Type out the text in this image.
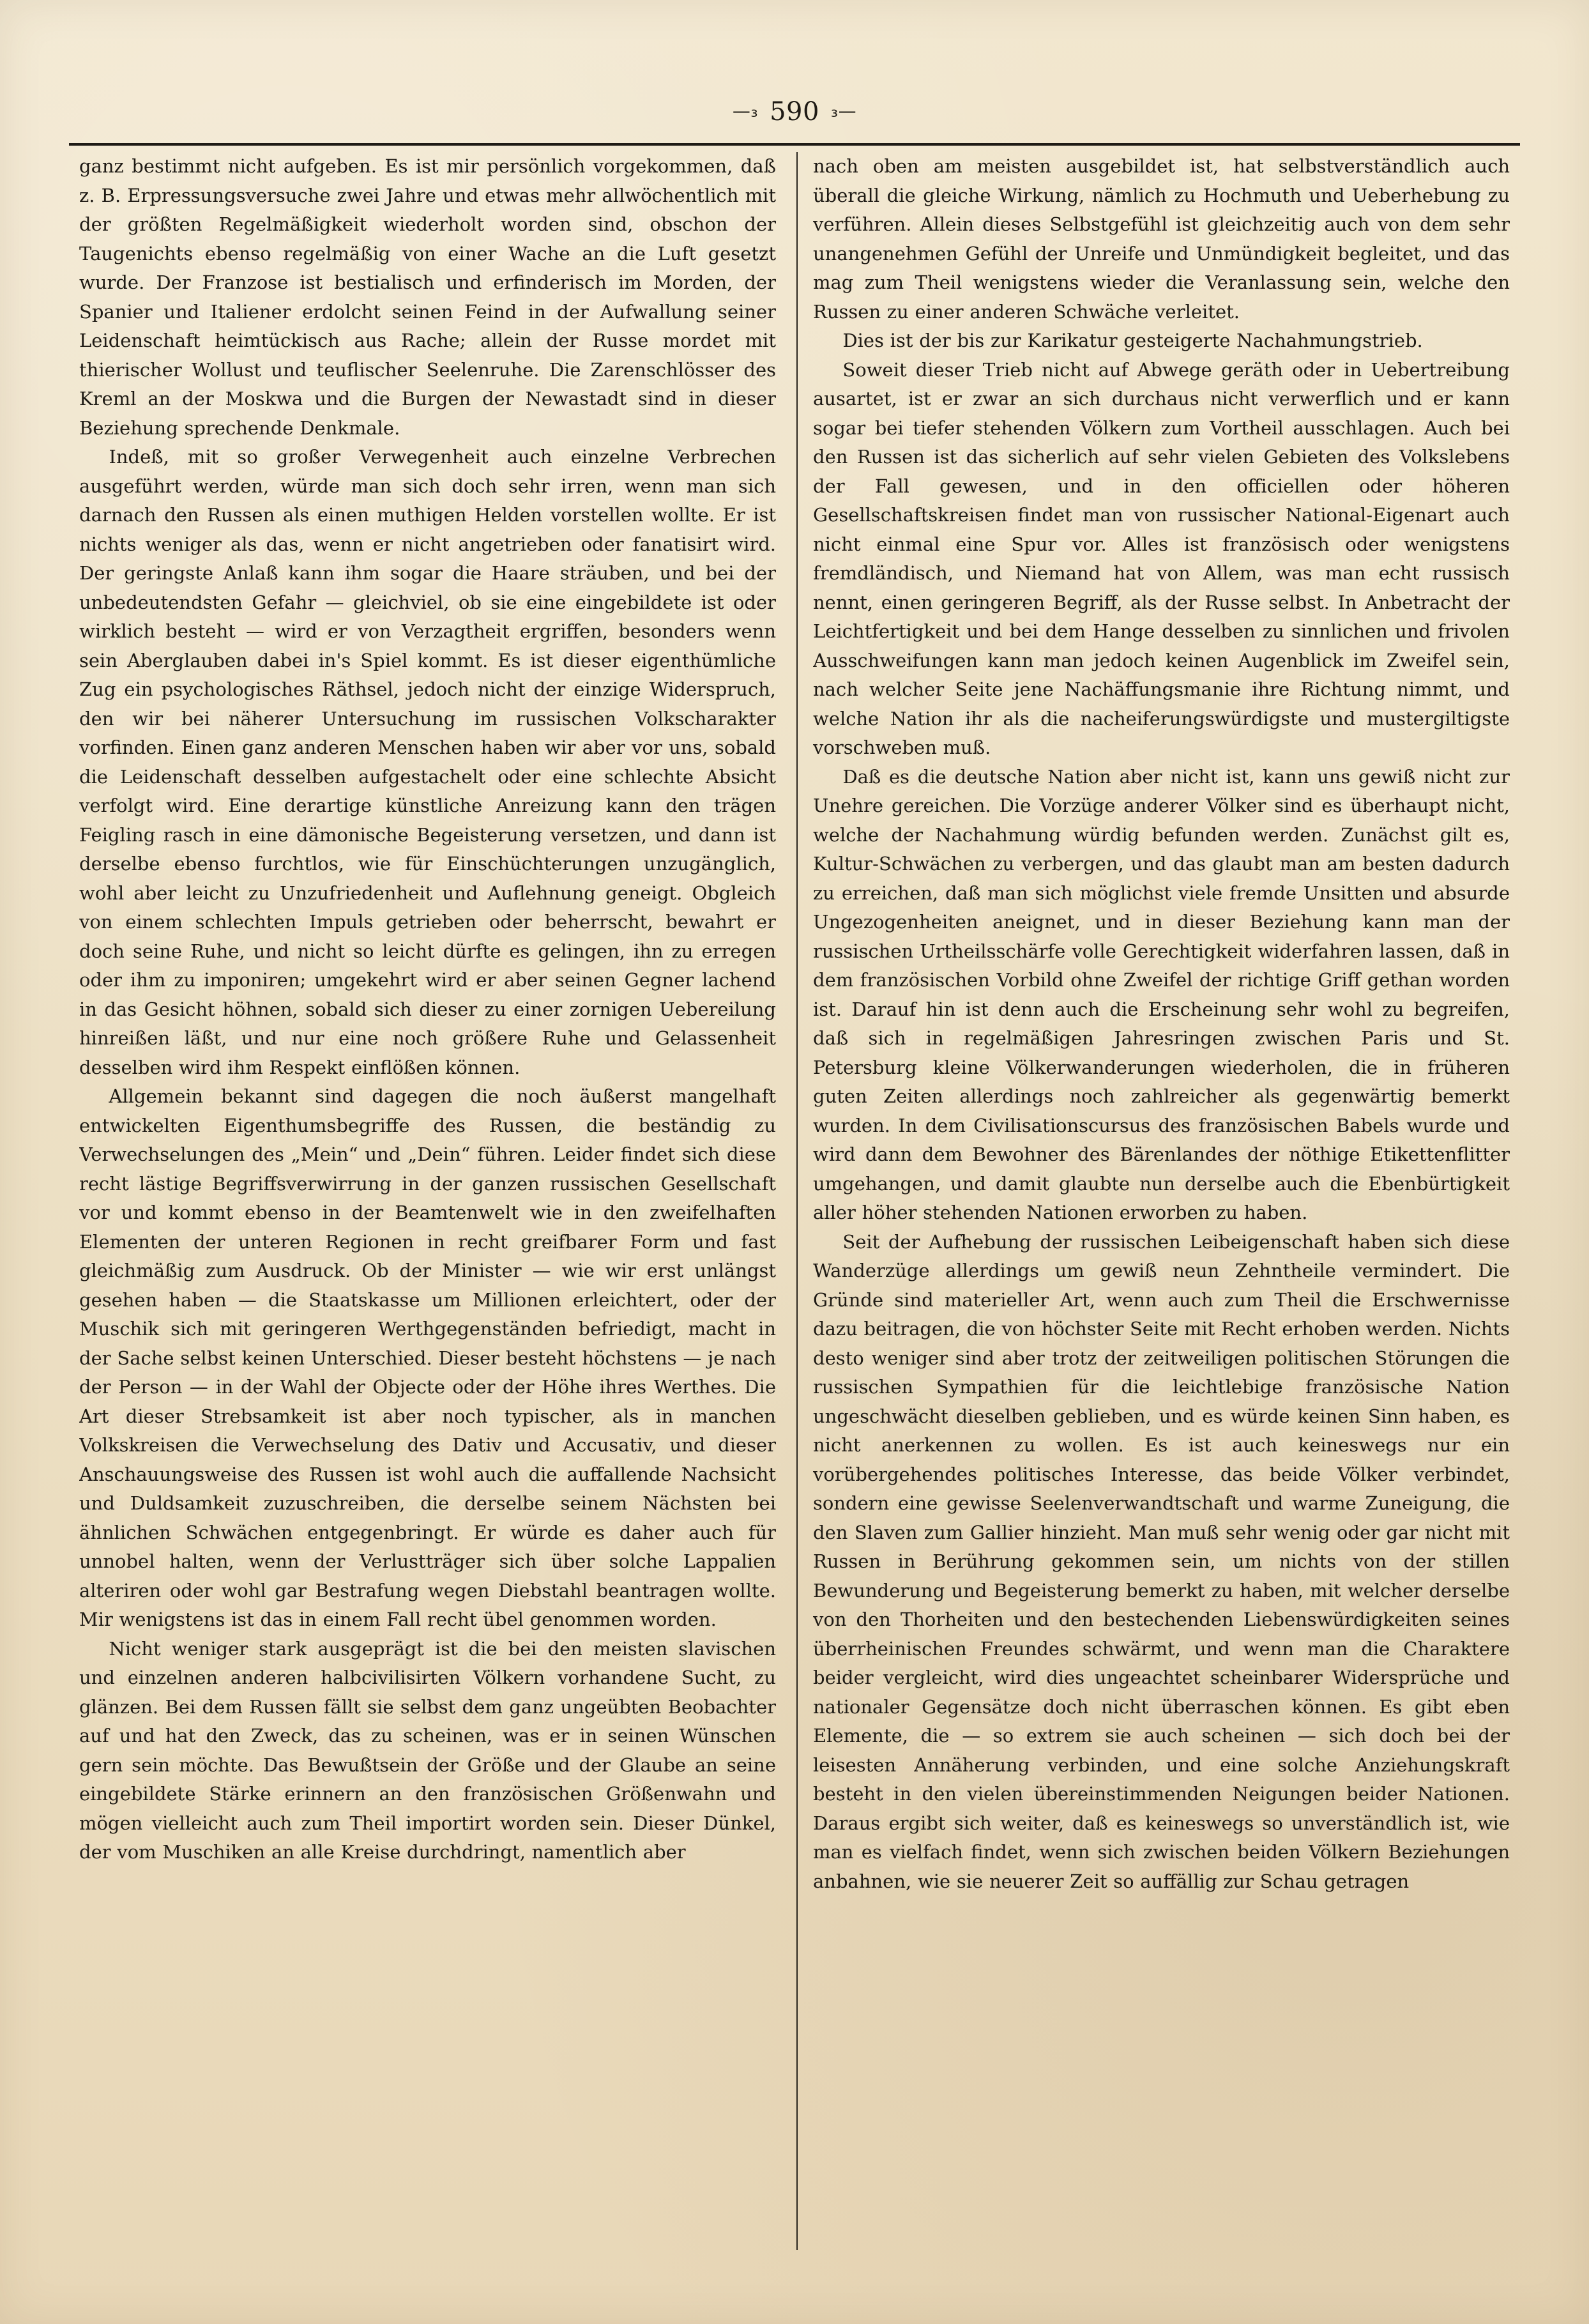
—₃ 590 ₃—

ganz bestimmt nicht aufgeben. Es ist mir persönlich vorgekommen, daß z. B. Erpressungsversuche zwei Jahre und etwas mehr allwöchentlich mit der größten Regelmäßigkeit wiederholt worden sind, obschon der Taugenichts ebenso regelmäßig von einer Wache an die Luft gesetzt wurde. Der Franzose ist bestialisch und erfinderisch im Morden, der Spanier und Italiener erdolcht seinen Feind in der Aufwallung seiner Leidenschaft heimtückisch aus Rache; allein der Russe mordet mit thierischer Wollust und teuflischer Seelenruhe. Die Zarenschlösser des Kreml an der Moskwa und die Burgen der Newastadt sind in dieser Beziehung sprechende Denkmale.

Indeß, mit so großer Verwegenheit auch einzelne Verbrechen ausgeführt werden, würde man sich doch sehr irren, wenn man sich darnach den Russen als einen muthigen Helden vorstellen wollte. Er ist nichts weniger als das, wenn er nicht angetrieben oder fanatisirt wird. Der geringste Anlaß kann ihm sogar die Haare sträuben, und bei der unbedeutendsten Gefahr — gleichviel, ob sie eine eingebildete ist oder wirklich besteht — wird er von Verzagtheit ergriffen, besonders wenn sein Aberglauben dabei in's Spiel kommt. Es ist dieser eigenthümliche Zug ein psychologisches Räthsel, jedoch nicht der einzige Widerspruch, den wir bei näherer Untersuchung im russischen Volkscharakter vorfinden. Einen ganz anderen Menschen haben wir aber vor uns, sobald die Leidenschaft desselben aufgestachelt oder eine schlechte Absicht verfolgt wird. Eine derartige künstliche Anreizung kann den trägen Feigling rasch in eine dämonische Begeisterung versetzen, und dann ist derselbe ebenso furchtlos, wie für Einschüchterungen unzugänglich, wohl aber leicht zu Unzufriedenheit und Auflehnung geneigt. Obgleich von einem schlechten Impuls getrieben oder beherrscht, bewahrt er doch seine Ruhe, und nicht so leicht dürfte es gelingen, ihn zu erregen oder ihm zu imponiren; umgekehrt wird er aber seinen Gegner lachend in das Gesicht höhnen, sobald sich dieser zu einer zornigen Uebereilung hinreißen läßt, und nur eine noch größere Ruhe und Gelassenheit desselben wird ihm Respekt einflößen können.

Allgemein bekannt sind dagegen die noch äußerst mangelhaft entwickelten Eigenthumsbegriffe des Russen, die beständig zu Verwechselungen des „Mein“ und „Dein“ führen. Leider findet sich diese recht lästige Begriffsverwirrung in der ganzen russischen Gesellschaft vor und kommt ebenso in der Beamtenwelt wie in den zweifelhaften Elementen der unteren Regionen in recht greifbarer Form und fast gleichmäßig zum Ausdruck. Ob der Minister — wie wir erst unlängst gesehen haben — die Staatskasse um Millionen erleichtert, oder der Muschik sich mit geringeren Werthgegenständen befriedigt, macht in der Sache selbst keinen Unterschied. Dieser besteht höchstens — je nach der Person — in der Wahl der Objecte oder der Höhe ihres Werthes. Die Art dieser Strebsamkeit ist aber noch typischer, als in manchen Volkskreisen die Verwechselung des Dativ und Accusativ, und dieser Anschauungsweise des Russen ist wohl auch die auffallende Nachsicht und Duldsamkeit zuzuschreiben, die derselbe seinem Nächsten bei ähnlichen Schwächen entgegenbringt. Er würde es daher auch für unnobel halten, wenn der Verlustträger sich über solche Lappalien alteriren oder wohl gar Bestrafung wegen Diebstahl beantragen wollte. Mir wenigstens ist das in einem Fall recht übel genommen worden.

Nicht weniger stark ausgeprägt ist die bei den meisten slavischen und einzelnen anderen halbcivilisirten Völkern vorhandene Sucht, zu glänzen. Bei dem Russen fällt sie selbst dem ganz ungeübten Beobachter auf und hat den Zweck, das zu scheinen, was er in seinen Wünschen gern sein möchte. Das Bewußtsein der Größe und der Glaube an seine eingebildete Stärke erinnern an den französischen Größenwahn und mögen vielleicht auch zum Theil importirt worden sein. Dieser Dünkel, der vom Muschiken an alle Kreise durchdringt, namentlich aber

nach oben am meisten ausgebildet ist, hat selbstverständlich auch überall die gleiche Wirkung, nämlich zu Hochmuth und Ueberhebung zu verführen. Allein dieses Selbstgefühl ist gleichzeitig auch von dem sehr unangenehmen Gefühl der Unreife und Unmündigkeit begleitet, und das mag zum Theil wenigstens wieder die Veranlassung sein, welche den Russen zu einer anderen Schwäche verleitet.

Dies ist der bis zur Karikatur gesteigerte Nachahmungstrieb.

Soweit dieser Trieb nicht auf Abwege geräth oder in Uebertreibung ausartet, ist er zwar an sich durchaus nicht verwerflich und er kann sogar bei tiefer stehenden Völkern zum Vortheil ausschlagen. Auch bei den Russen ist das sicherlich auf sehr vielen Gebieten des Volkslebens der Fall gewesen, und in den officiellen oder höheren Gesellschaftskreisen findet man von russischer National-Eigenart auch nicht einmal eine Spur vor. Alles ist französisch oder wenigstens fremdländisch, und Niemand hat von Allem, was man echt russisch nennt, einen geringeren Begriff, als der Russe selbst. In Anbetracht der Leichtfertigkeit und bei dem Hange desselben zu sinnlichen und frivolen Ausschweifungen kann man jedoch keinen Augenblick im Zweifel sein, nach welcher Seite jene Nachäffungsmanie ihre Richtung nimmt, und welche Nation ihr als die nacheiferungswürdigste und mustergiltigste vorschweben muß.

Daß es die deutsche Nation aber nicht ist, kann uns gewiß nicht zur Unehre gereichen. Die Vorzüge anderer Völker sind es überhaupt nicht, welche der Nachahmung würdig befunden werden. Zunächst gilt es, Kultur-Schwächen zu verbergen, und das glaubt man am besten dadurch zu erreichen, daß man sich möglichst viele fremde Unsitten und absurde Ungezogenheiten aneignet, und in dieser Beziehung kann man der russischen Urtheilsschärfe volle Gerechtigkeit widerfahren lassen, daß in dem französischen Vorbild ohne Zweifel der richtige Griff gethan worden ist. Darauf hin ist denn auch die Erscheinung sehr wohl zu begreifen, daß sich in regelmäßigen Jahresringen zwischen Paris und St. Petersburg kleine Völkerwanderungen wiederholen, die in früheren guten Zeiten allerdings noch zahlreicher als gegenwärtig bemerkt wurden. In dem Civilisationscursus des französischen Babels wurde und wird dann dem Bewohner des Bärenlandes der nöthige Etikettenflitter umgehangen, und damit glaubte nun derselbe auch die Ebenbürtigkeit aller höher stehenden Nationen erworben zu haben.

Seit der Aufhebung der russischen Leibeigenschaft haben sich diese Wanderzüge allerdings um gewiß neun Zehntheile vermindert. Die Gründe sind materieller Art, wenn auch zum Theil die Erschwernisse dazu beitragen, die von höchster Seite mit Recht erhoben werden. Nichts desto weniger sind aber trotz der zeitweiligen politischen Störungen die russischen Sympathien für die leichtlebige französische Nation ungeschwächt dieselben geblieben, und es würde keinen Sinn haben, es nicht anerkennen zu wollen. Es ist auch keineswegs nur ein vorübergehendes politisches Interesse, das beide Völker verbindet, sondern eine gewisse Seelenverwandtschaft und warme Zuneigung, die den Slaven zum Gallier hinzieht. Man muß sehr wenig oder gar nicht mit Russen in Berührung gekommen sein, um nichts von der stillen Bewunderung und Begeisterung bemerkt zu haben, mit welcher derselbe von den Thorheiten und den bestechenden Liebenswürdigkeiten seines überrheinischen Freundes schwärmt, und wenn man die Charaktere beider vergleicht, wird dies ungeachtet scheinbarer Widersprüche und nationaler Gegensätze doch nicht überraschen können. Es gibt eben Elemente, die — so extrem sie auch scheinen — sich doch bei der leisesten Annäherung verbinden, und eine solche Anziehungskraft besteht in den vielen übereinstimmenden Neigungen beider Nationen. Daraus ergibt sich weiter, daß es keineswegs so unverständlich ist, wie man es vielfach findet, wenn sich zwischen beiden Völkern Beziehungen anbahnen, wie sie neuerer Zeit so auffällig zur Schau getragen
